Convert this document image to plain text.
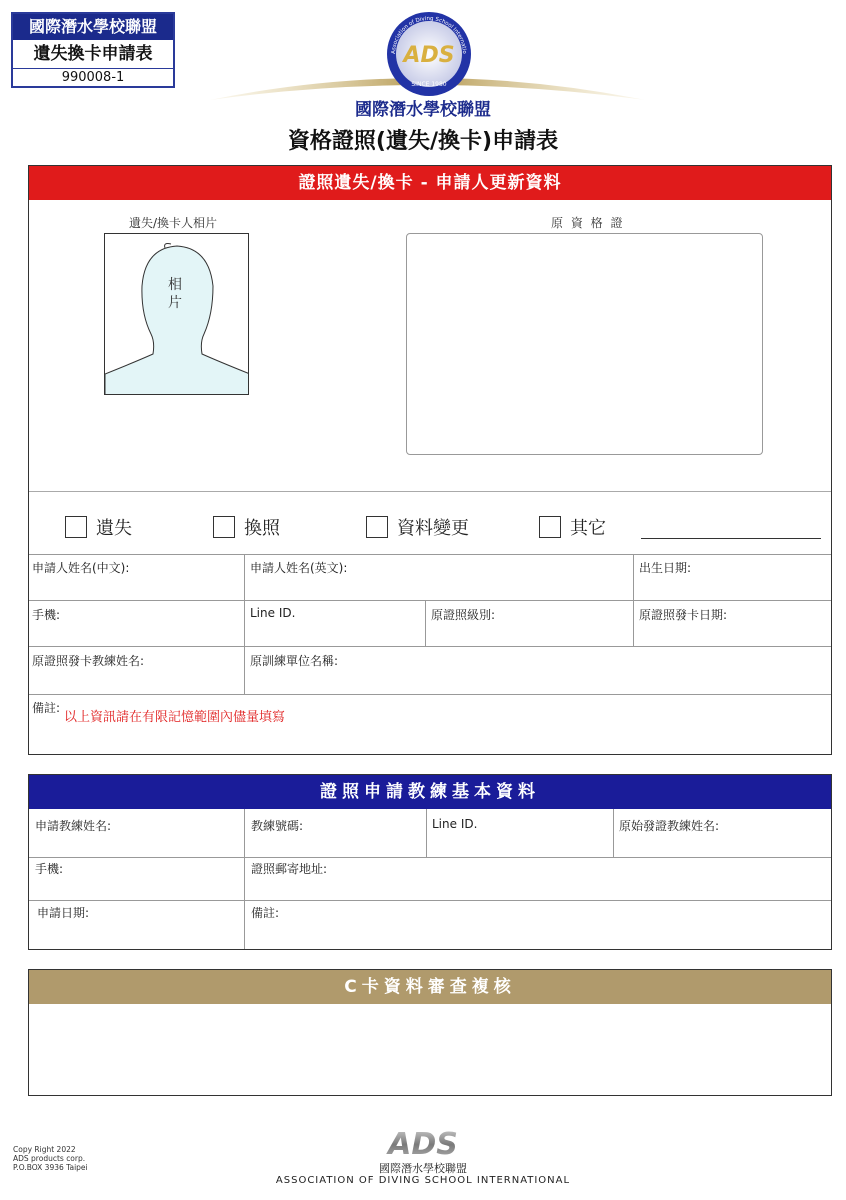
國際潛水學校聯盟
遺失換卡申請表
990008-1
ADS
SINCE 1980
Association of Diving School Internatio
國際潛水學校聯盟
資格證照(遺失/換卡)申請表
證照遺失/換卡 - 申請人更新資料
遺失/換卡人相片
相片
原 資 格 證
遺失	換照	資料變更	其它
申請人姓名(中文):	申請人姓名(英文):	出生日期:
手機:	Line ID.	原證照級別:	原證照發卡日期:
原證照發卡教練姓名:	原訓練單位名稱:
備註:
以上資訊請在有限記憶範圍內儘量填寫
證照申請教練基本資料
申請教練姓名:	教練號碼:	Line ID.	原始發證教練姓名:
手機:	證照郵寄地址:
申請日期:	備註:
C卡資料審查複核
Copy Right 2022
ADS products corp.
P.O.BOX 3936 Taipei
ADS
國際潛水學校聯盟
ASSOCIATION OF DIVING SCHOOL INTERNATIONAL
